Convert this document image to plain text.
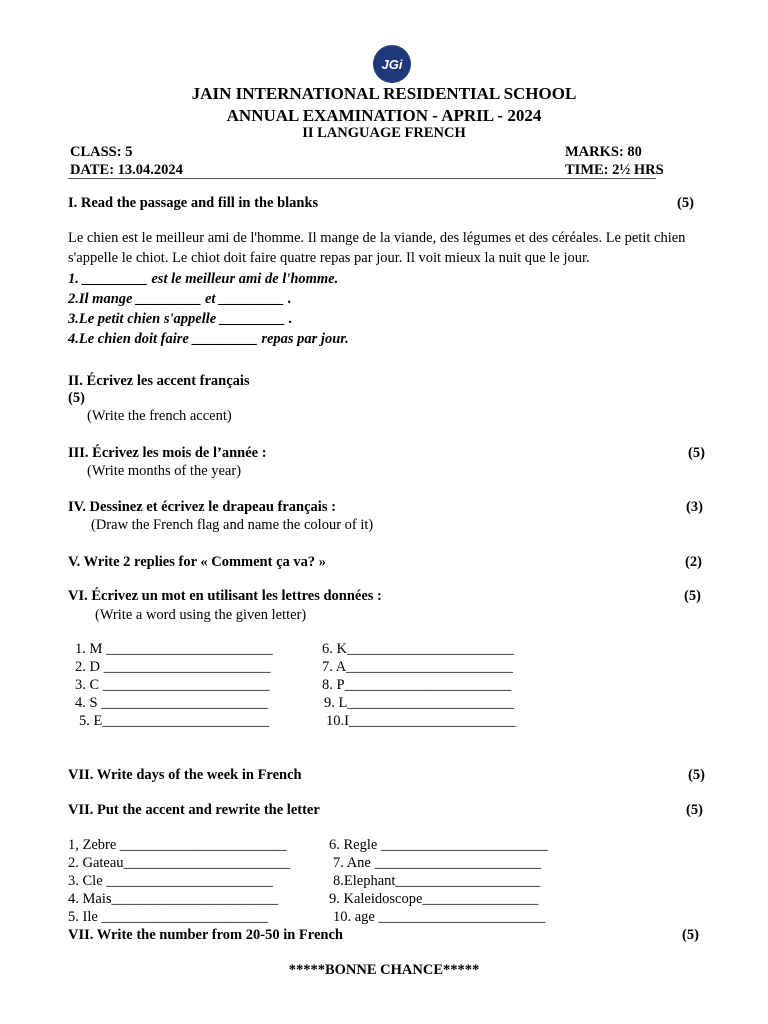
JGi
JAIN INTERNATIONAL RESIDENTIAL SCHOOL
ANNUAL EXAMINATION - APRIL - 2024
II LANGUAGE FRENCH
CLASS: 5
DATE: 13.04.2024
MARKS: 80
TIME: 2½ HRS
I. Read the passage and fill in the blanks	(5)
Le chien est le meilleur ami de l'homme. Il mange de la viande, des légumes et des céréales. Le petit chien s'appelle le chiot. Le chiot doit faire quatre repas par jour. Il voit mieux la nuit que le jour.
1. _________ est le meilleur ami de l'homme.
2.Il mange _________ et _________ .
3.Le petit chien s'appelle _________ .
4.Le chien doit faire _________ repas par jour.
II. Écrivez les accent français
(5)
(Write the french accent)
III. Écrivez les mois de l’année :	(5)
(Write months of the year)
IV. Dessinez et écrivez le drapeau français :	(3)
(Draw the French flag and name the colour of it)
V. Write 2 replies for « Comment ça va? »	(2)
VI. Écrivez un mot en utilisant les lettres données :	(5)
(Write a word using the given letter)
1. M _______________________
2. D _______________________
3. C _______________________
4. S _______________________
5. E_______________________
6. K_______________________
7. A_______________________
8. P_______________________
9. L_______________________
10.I_______________________
VII. Write days of the week in French	(5)
VII. Put the accent and rewrite the letter	(5)
1, Zebre _______________________
2. Gateau_______________________
3. Cle _______________________
4. Mais_______________________
5. Ile _______________________
6. Regle _______________________
7. Ane _______________________
8.Elephant____________________
9. Kaleidoscope________________
10. age _______________________
VII. Write the number from 20-50 in French	(5)
*****BONNE CHANCE*****
